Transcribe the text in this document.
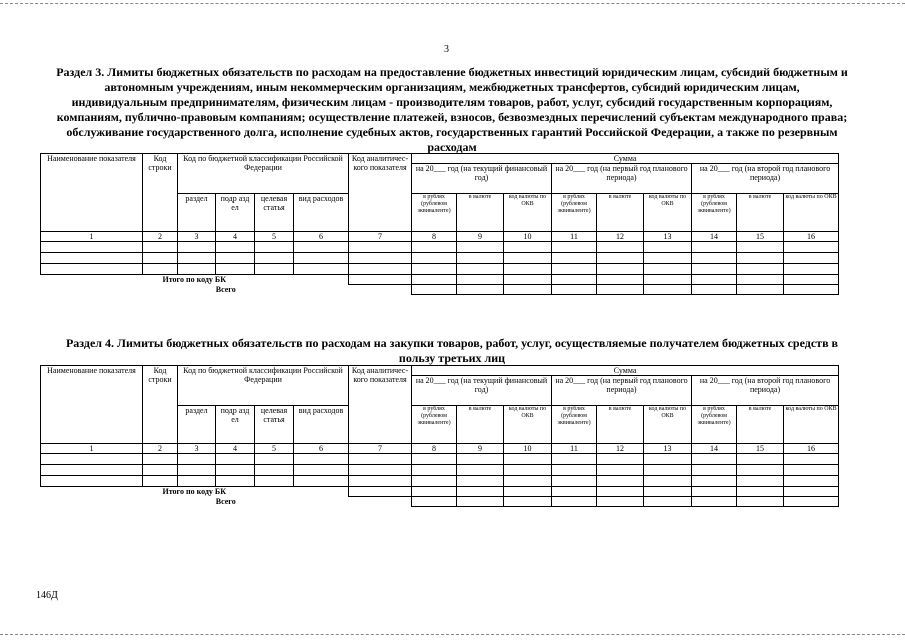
3
Раздел 3. Лимиты бюджетных обязательств по расходам на предоставление бюджетных инвестиций юридическим лицам, субсидий бюджетным и автономным учреждениям, иным некоммерческим организациям, межбюджетных трансфертов, субсидий юридическим лицам, индивидуальным предпринимателям, физическим лицам - производителям товаров, работ, услуг, субсидий государственным корпорациям, компаниям, публично-правовым компаниям; осуществление платежей, взносов, безвозмездных перечислений субъектам международного права; обслуживание государственного долга, исполнение судебных актов, государственных гарантий Российской Федерации, а также по резервным расходам
Наименование показателя	Код строки	Код по бюджетной классификации Российской Федерации				Код аналитичес-кого показателя	Сумма								
							на 20___ год (на текущий финансовый год)			на 20___ год (на первый год планового периода)			на 20___ год (на второй год планового периода)		
		раздел	подр азд ел	целевая статья	вид расходов		в рублях (рублевом эквиваленте)	в валюте	код валюты по ОКВ	в рублях (рублевом эквиваленте)	в валюте	код валюты по ОКВ	в рублях (рублевом эквиваленте)	в валюте	код валюты по ОКВ
1	2	3	4	5	6	7	8	9	10	11	12	13	14	15	16

Итого по коду БК															
Всего															
Раздел 4. Лимиты бюджетных обязательств по расходам на закупки товаров, работ, услуг, осуществляемые получателем бюджетных средств в пользу третьих лиц
Наименование показателя	Код строки	Код по бюджетной классификации Российской Федерации				Код аналитичес-кого показателя	Сумма								
							на 20___ год (на текущий финансовый год)			на 20___ год (на первый год планового периода)			на 20___ год (на второй год планового периода)		
		раздел	подр азд ел	целевая статья	вид расходов		в рублях (рублевом эквиваленте)	в валюте	код валюты по ОКВ	в рублях (рублевом эквиваленте)	в валюте	код валюты по ОКВ	в рублях (рублевом эквиваленте)	в валюте	код валюты по ОКВ
1	2	3	4	5	6	7	8	9	10	11	12	13	14	15	16

Итого по коду БК															
Всего															
146Д
